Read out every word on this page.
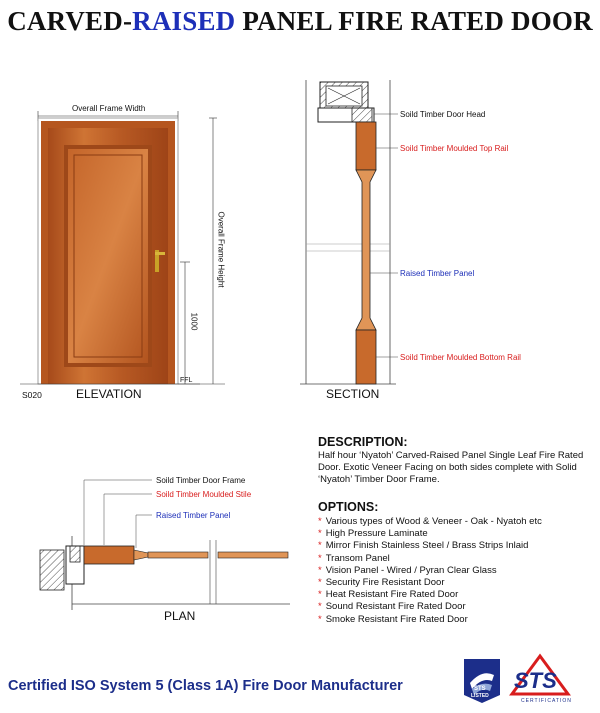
CARVED-RAISED PANEL FIRE RATED DOOR
Overall Frame Width
Overall Frame Height
1000
FFL
S020	ELEVATION
Soild Timber Door Head
Soild Timber Moulded Top Rail
Raised Timber Panel
Soild Timber Moulded Bottom Rail
SECTION
Soild Timber Door Frame
Soild Timber Moulded Stile
Raised Timber Panel
PLAN
DESCRIPTION:
Half hour ‘Nyatoh’ Carved-Raised Panel Single Leaf Fire Rated Door. Exotic Veneer Facing on both sides complete with Solid ‘Nyatoh’ Timber Door Frame.
OPTIONS:
* Various types of Wood & Veneer - Oak - Nyatoh etc
* High Pressure Laminate
* Mirror Finish Stainless Steel / Brass Strips Inlaid
* Transom Panel
* Vision Panel - Wired / Pyran Clear Glass
* Security Fire Resistant Door
* Heat Resistant Fire Rated Door
* Sound Resistant Fire Rated Door
* Smoke Resistant Fire Rated Door
Certified ISO System 5 (Class 1A) Fire Door Manufacturer	STS
LISTED
STS
CERTIFICATION
